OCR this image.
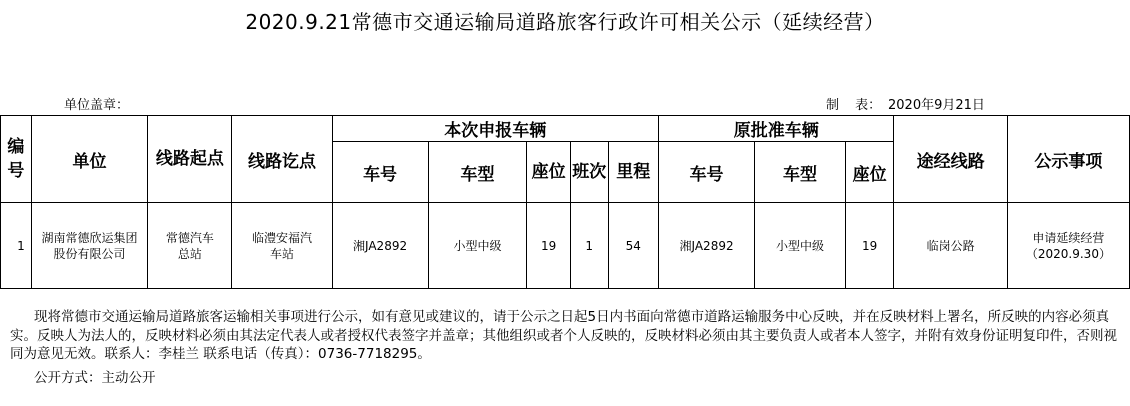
2020.9.21常德市交通运输局道路旅客行政许可相关公示（延续经营）
单位盖章：	制 表： 2020年9月21日
编号	单位	线路起点	线路讫点	本次申报车辆					原批准车辆			途经线路	公示事项
				车号	车型	座位	班次	里程	车号	车型	座位		
1	湖南常德欣运集团股份有限公司	常德汽车总站	临澧安福汽车站	湘JA2892	小型中级	19	1	54	湘JA2892	小型中级	19	临岗公路	申请延续经营（2020.9.30）

现将常德市交通运输局道路旅客运输相关事项进行公示，如有意见或建议的，请于公示之日起5日内书面向常德市道路运输服务中心反映，并在反映材料上署名，所反映的内容必须真实。反映人为法人的，反映材料必须由其法定代表人或者授权代表签字并盖章；其他组织或者个人反映的，反映材料必须由其主要负责人或者本人签字，并附有效身份证明复印件，否则视同为意见无效。联系人：李桂兰 联系电话（传真）：0736-7718295。

公开方式：主动公开
